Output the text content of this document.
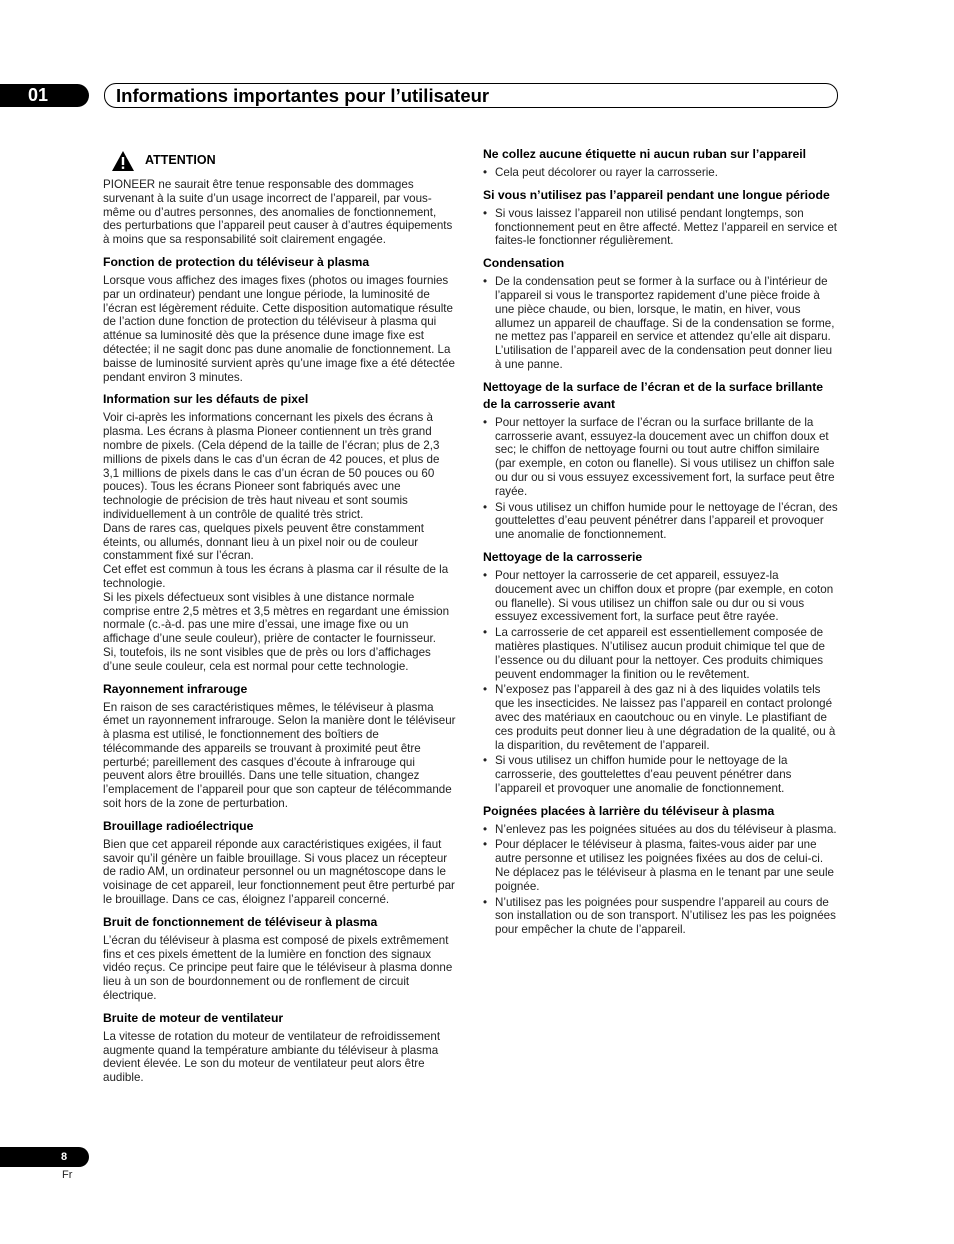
01	Informations importantes pour l’utilisateur
ATTENTION

PIONEER ne saurait être tenue responsable des dommages survenant à la suite d’un usage incorrect de l’appareil, par vous-même ou d’autres personnes, des anomalies de fonctionnement, des perturbations que l’appareil peut causer à d’autres équipements à moins que sa responsabilité soit clairement engagée.

Fonction de protection du téléviseur à plasma

Lorsque vous affichez des images fixes (photos ou images fournies par un ordinateur) pendant une longue période, la luminosité de l’écran est légèrement réduite. Cette disposition automatique résulte de l’action dune fonction de protection du téléviseur à plasma qui atténue sa luminosité dès que la présence dune image fixe est détectée; il ne sagit donc pas dune anomalie de fonctionnement. La baisse de luminosité survient après qu’une image fixe a été détectée pendant environ 3 minutes.

Information sur les défauts de pixel

Voir ci-après les informations concernant les pixels des écrans à plasma. Les écrans à plasma Pioneer contiennent un très grand nombre de pixels. (Cela dépend de la taille de l’écran; plus de 2,3 millions de pixels dans le cas d’un écran de 42 pouces, et plus de 3,1 millions de pixels dans le cas d’un écran de 50 pouces ou 60 pouces). Tous les écrans Pioneer sont fabriqués avec une technologie de précision de très haut niveau et sont soumis individuellement à un contrôle de qualité très strict.

Dans de rares cas, quelques pixels peuvent être constamment éteints, ou allumés, donnant lieu à un pixel noir ou de couleur constamment fixé sur l’écran.

Cet effet est commun à tous les écrans à plasma car il résulte de la technologie.

Si les pixels défectueux sont visibles à une distance normale comprise entre 2,5 mètres et 3,5 mètres en regardant une émission normale (c.-à-d. pas une mire d’essai, une image fixe ou un affichage d’une seule couleur), prière de contacter le fournisseur.

Si, toutefois, ils ne sont visibles que de près ou lors d’affichages d’une seule couleur, cela est normal pour cette technologie.

Rayonnement infrarouge

En raison de ses caractéristiques mêmes, le téléviseur à plasma émet un rayonnement infrarouge. Selon la manière dont le téléviseur à plasma est utilisé, le fonctionnement des boîtiers de télécommande des appareils se trouvant à proximité peut être perturbé; pareillement des casques d’écoute à infrarouge qui peuvent alors être brouillés. Dans une telle situation, changez l’emplacement de l’appareil pour que son capteur de télécommande soit hors de la zone de perturbation.

Brouillage radioélectrique

Bien que cet appareil réponde aux caractéristiques exigées, il faut savoir qu’il génère un faible brouillage. Si vous placez un récepteur de radio AM, un ordinateur personnel ou un magnétoscope dans le voisinage de cet appareil, leur fonctionnement peut être perturbé par le brouillage. Dans ce cas, éloignez l’appareil concerné.

Bruit de fonctionnement de téléviseur à plasma

L’écran du téléviseur à plasma est composé de pixels extrêmement fins et ces pixels émettent de la lumière en fonction des signaux vidéo reçus. Ce principe peut faire que le téléviseur à plasma donne lieu à un son de bourdonnement ou de ronflement de circuit électrique.

Bruite de moteur de ventilateur

La vitesse de rotation du moteur de ventilateur de refroidissement augmente quand la température ambiante du téléviseur à plasma devient élevée. Le son du moteur de ventilateur peut alors être audible.

Ne collez aucune étiquette ni aucun ruban sur l’appareil
• Cela peut décolorer ou rayer la carrosserie.
Si vous n’utilisez pas l’appareil pendant une longue période
• Si vous laissez l’appareil non utilisé pendant longtemps, son fonctionnement peut en être affecté. Mettez l’appareil en service et faites-le fonctionner régulièrement.
Condensation
• De la condensation peut se former à la surface ou à l’intérieur de l’appareil si vous le transportez rapidement d’une pièce froide à une pièce chaude, ou bien, lorsque, le matin, en hiver, vous allumez un appareil de chauffage. Si de la condensation se forme, ne mettez pas l’appareil en service et attendez qu’elle ait disparu. L’utilisation de l’appareil avec de la condensation peut donner lieu à une panne.
Nettoyage de la surface de l’écran et de la surface brillante de la carrosserie avant
• Pour nettoyer la surface de l’écran ou la surface brillante de la carrosserie avant, essuyez-la doucement avec un chiffon doux et sec; le chiffon de nettoyage fourni ou tout autre chiffon similaire (par exemple, en coton ou flanelle). Si vous utilisez un chiffon sale ou dur ou si vous essuyez excessivement fort, la surface peut être rayée.
• Si vous utilisez un chiffon humide pour le nettoyage de l’écran, des gouttelettes d’eau peuvent pénétrer dans l’appareil et provoquer une anomalie de fonctionnement.
Nettoyage de la carrosserie
• Pour nettoyer la carrosserie de cet appareil, essuyez-la doucement avec un chiffon doux et propre (par exemple, en coton ou flanelle). Si vous utilisez un chiffon sale ou dur ou si vous essuyez excessivement fort, la surface peut être rayée.
• La carrosserie de cet appareil est essentiellement composée de matières plastiques. N’utilisez aucun produit chimique tel que de l’essence ou du diluant pour la nettoyer. Ces produits chimiques peuvent endommager la finition ou le revêtement.
• N’exposez pas l’appareil à des gaz ni à des liquides volatils tels que les insecticides. Ne laissez pas l’appareil en contact prolongé avec des matériaux en caoutchouc ou en vinyle. Le plastifiant de ces produits peut donner lieu à une dégradation de la qualité, ou à la disparition, du revêtement de l’appareil.
• Si vous utilisez un chiffon humide pour le nettoyage de la carrosserie, des gouttelettes d’eau peuvent pénétrer dans l’appareil et provoquer une anomalie de fonctionnement.
Poignées placées à larrière du téléviseur à plasma
• N’enlevez pas les poignées situées au dos du téléviseur à plasma.
• Pour déplacer le téléviseur à plasma, faites-vous aider par une autre personne et utilisez les poignées fixées au dos de celui-ci. Ne déplacez pas le téléviseur à plasma en le tenant par une seule poignée.
• N’utilisez pas les poignées pour suspendre l’appareil au cours de son installation ou de son transport. N’utilisez les pas les poignées pour empêcher la chute de l’appareil.
8
Fr
